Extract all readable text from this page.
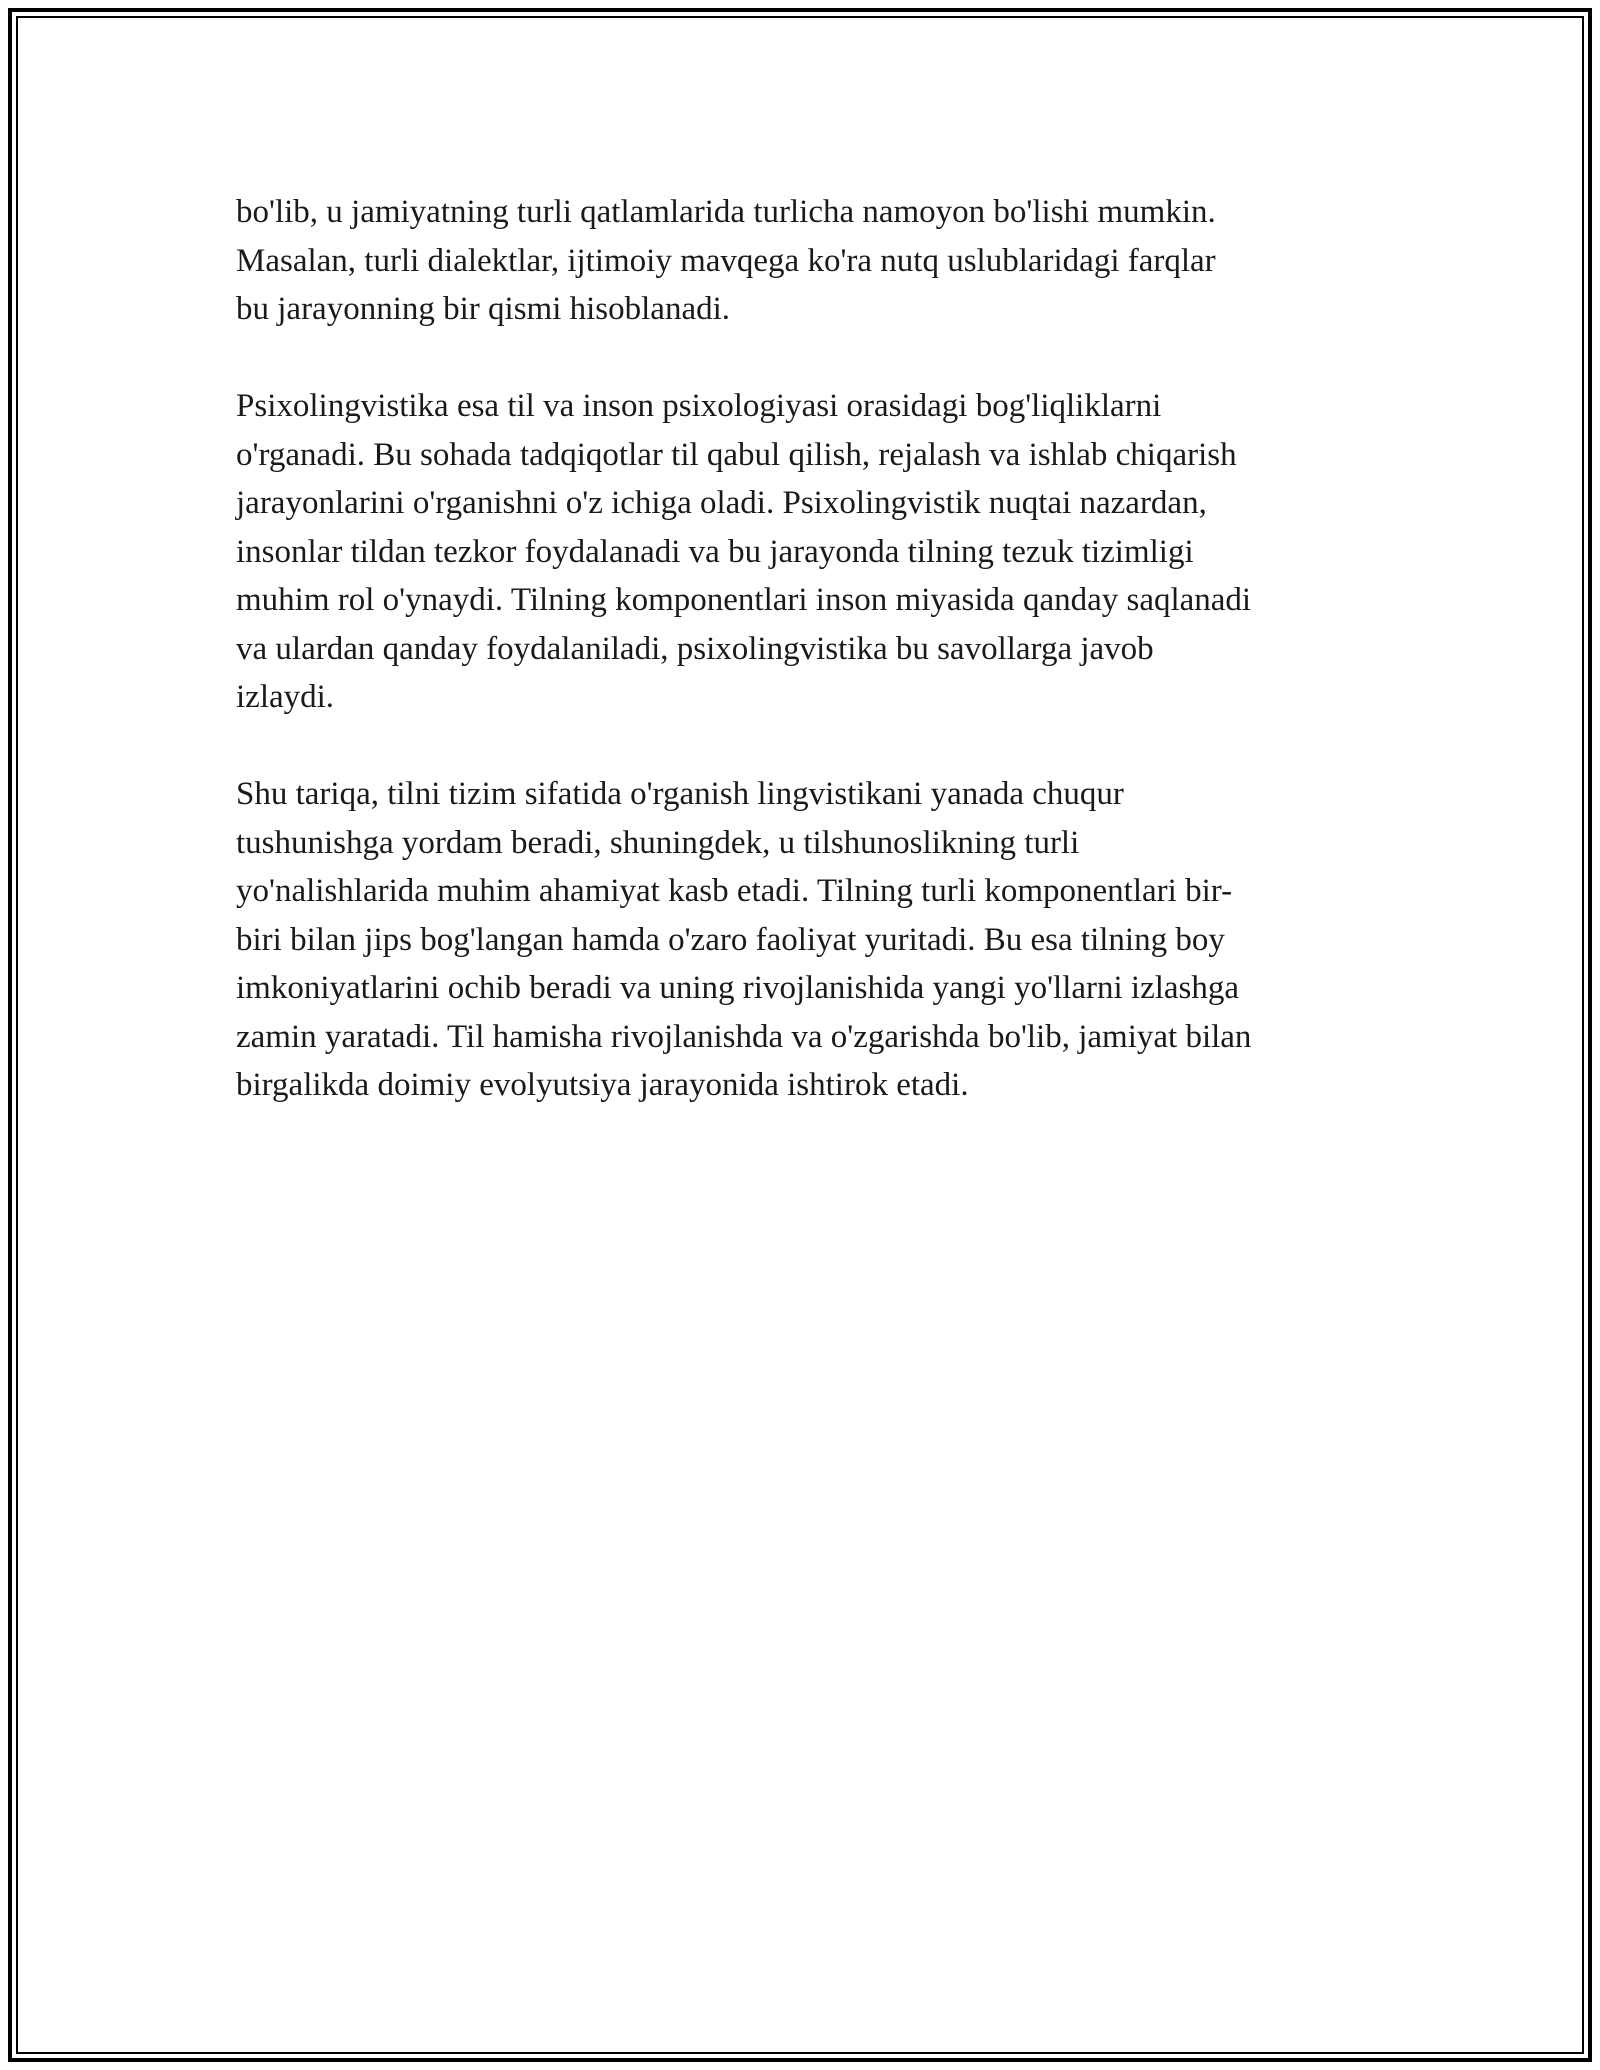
bo'lib, u jamiyatning turli qatlamlarida turlicha namoyon bo'lishi mumkin.
Masalan, turli dialektlar, ijtimoiy mavqega ko'ra nutq uslublaridagi farqlar
bu jarayonning bir qismi hisoblanadi.

Psixolingvistika esa til va inson psixologiyasi orasidagi bog'liqliklarni
o'rganadi. Bu sohada tadqiqotlar til qabul qilish, rejalash va ishlab chiqarish
jarayonlarini o'rganishni o'z ichiga oladi. Psixolingvistik nuqtai nazardan,
insonlar tildan tezkor foydalanadi va bu jarayonda tilning tezuk tizimligi
muhim rol o'ynaydi. Tilning komponentlari inson miyasida qanday saqlanadi
va ulardan qanday foydalaniladi, psixolingvistika bu savollarga javob
izlaydi.

Shu tariqa, tilni tizim sifatida o'rganish lingvistikani yanada chuqur
tushunishga yordam beradi, shuningdek, u tilshunoslikning turli
yo'nalishlarida muhim ahamiyat kasb etadi. Tilning turli komponentlari bir-
biri bilan jips bog'langan hamda o'zaro faoliyat yuritadi. Bu esa tilning boy
imkoniyatlarini ochib beradi va uning rivojlanishida yangi yo'llarni izlashga
zamin yaratadi. Til hamisha rivojlanishda va o'zgarishda bo'lib, jamiyat bilan
birgalikda doimiy evolyutsiya jarayonida ishtirok etadi.
